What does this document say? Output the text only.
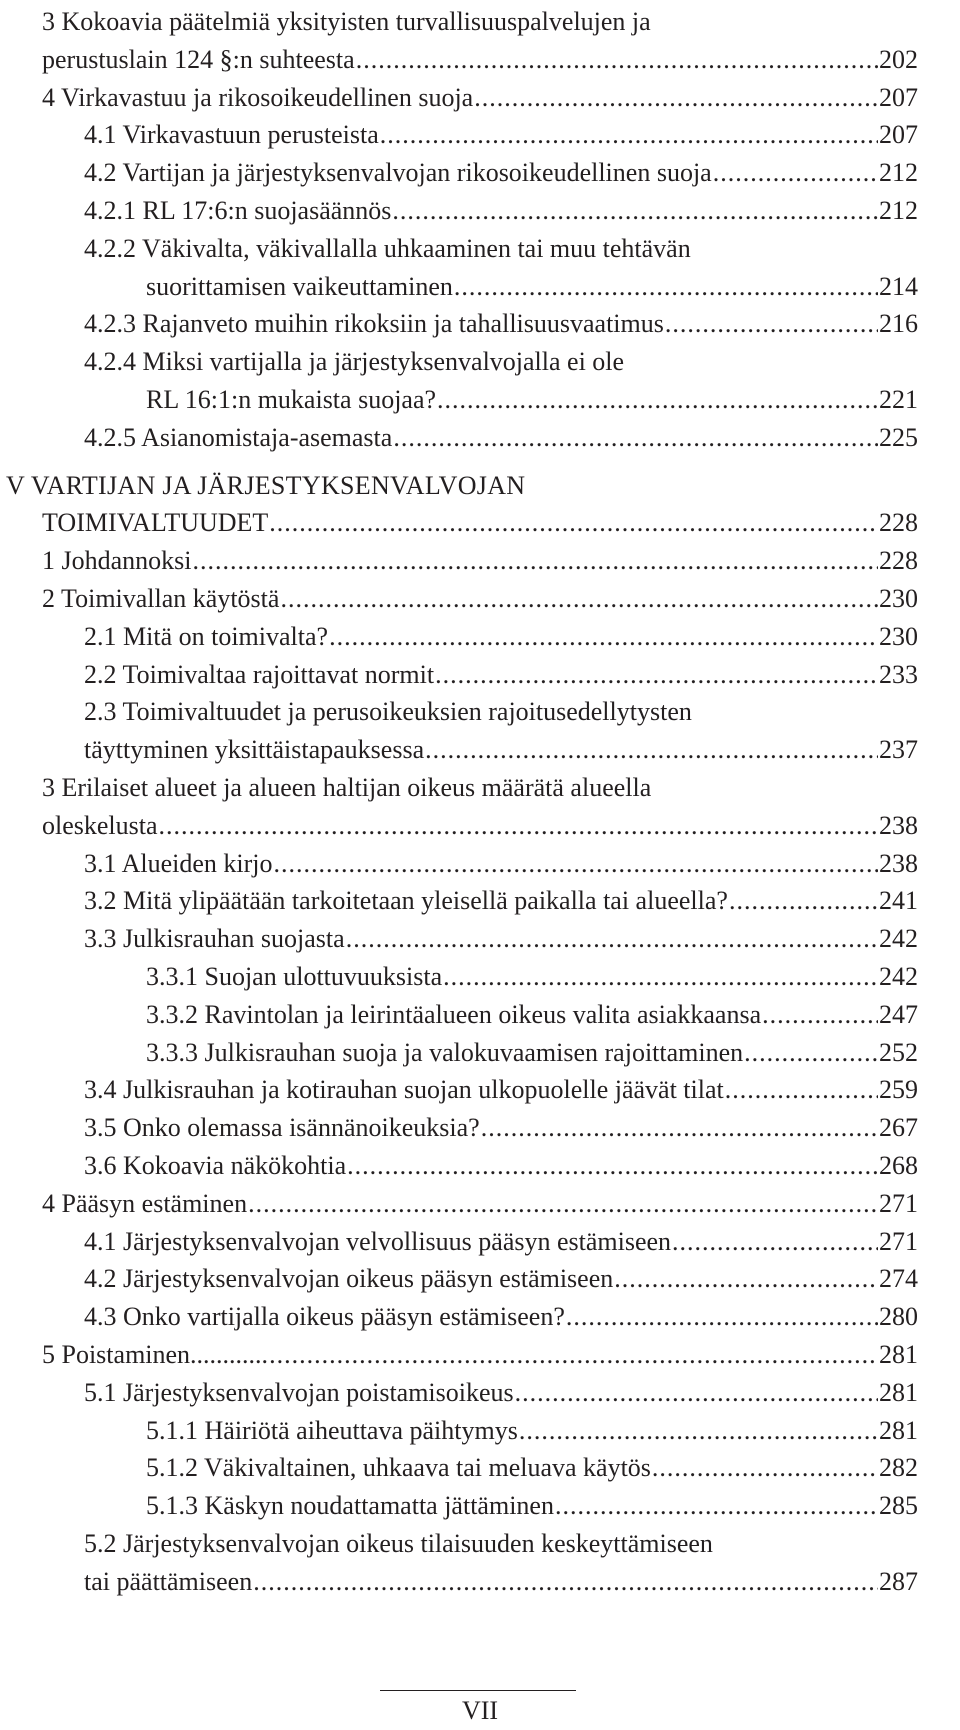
3 Kokoavia päätelmiä yksityisten turvallisuuspalvelujen ja
perustuslain 124 §:n suhteesta .....	202
4 Virkavastuu ja rikosoikeudellinen suoja .....	207
4.1 Virkavastuun perusteista .....	207
4.2 Vartijan ja järjestyksenvalvojan rikosoikeudellinen suoja .....	212
4.2.1 RL 17:6:n suojasäännös .....	212
4.2.2 Väkivalta, väkivallalla uhkaaminen tai muu tehtävän
suorittamisen vaikeuttaminen .....	214
4.2.3 Rajanveto muihin rikoksiin ja tahallisuusvaatimus .....	216
4.2.4 Miksi vartijalla ja järjestyksenvalvojalla ei ole
RL 16:1:n mukaista suojaa? .....	221
4.2.5 Asianomistaja-asemasta .....	225
V VARTIJAN JA JÄRJESTYKSENVALVOJAN
TOIMIVALTUUDET .....	228
1 Johdannoksi .....	228
2 Toimivallan käytöstä .....	230
2.1 Mitä on toimivalta? .....	230
2.2 Toimivaltaa rajoittavat normit .....	233
2.3 Toimivaltuudet ja perusoikeuksien rajoitusedellytysten
täyttyminen yksittäistapauksessa .....	237
3 Erilaiset alueet ja alueen haltijan oikeus määrätä alueella
oleskelusta .....	238
3.1 Alueiden kirjo .....	238
3.2 Mitä ylipäätään tarkoitetaan yleisellä paikalla tai alueella? .....	241
3.3 Julkisrauhan suojasta .....	242
3.3.1 Suojan ulottuvuuksista .....	242
3.3.2 Ravintolan ja leirintäalueen oikeus valita asiakkaansa .....	247
3.3.3 Julkisrauhan suoja ja valokuvaamisen rajoittaminen .....	252
3.4 Julkisrauhan ja kotirauhan suojan ulkopuolelle jäävät tilat .....	259
3.5 Onko olemassa isännänoikeuksia? .....	267
3.6 Kokoavia näkökohtia .....	268
4 Pääsyn estäminen .....	271
4.1 Järjestyksenvalvojan velvollisuus pääsyn estämiseen .....	271
4.2 Järjestyksenvalvojan oikeus pääsyn estämiseen .....	274
4.3 Onko vartijalla oikeus pääsyn estämiseen? .....	280
5 Poistaminen............ .....	281
5.1 Järjestyksenvalvojan poistamisoikeus .....	281
5.1.1 Häiriötä aiheuttava päihtymys .....	281
5.1.2 Väkivaltainen, uhkaava tai meluava käytös .....	282
5.1.3 Käskyn noudattamatta jättäminen .....	285
5.2 Järjestyksenvalvojan oikeus tilaisuuden keskeyttämiseen
tai päättämiseen .....	287
VII
